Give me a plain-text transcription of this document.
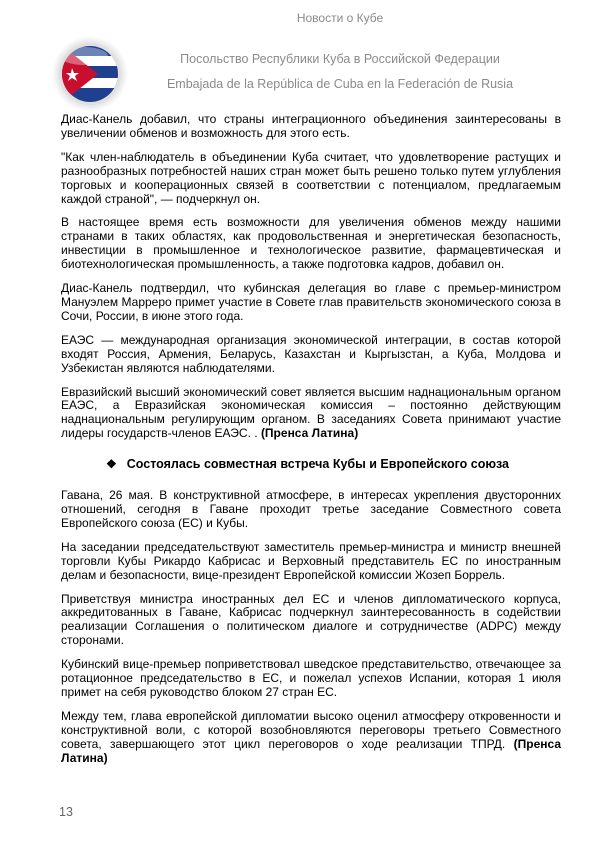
Новости о Кубе
Посольство Республики Куба в Российской Федерации
Embajada de la República de Cuba en la Federación de Rusia

Диас-Канель добавил, что страны интеграционного объединения заинтересованы в увеличении обменов и возможность для этого есть.

"Как член-наблюдатель в объединении Куба считает, что удовлетворение растущих и разнообразных потребностей наших стран может быть решено только путем углубления торговых и кооперационных связей в соответствии с потенциалом, предлагаемым каждой страной", — подчеркнул он.

В настоящее время есть возможности для увеличения обменов между нашими странами в таких областях, как продовольственная и энергетическая безопасность, инвестиции в промышленное и технологическое развитие, фармацевтическая и биотехнологическая промышленность, а также подготовка кадров, добавил он.

Диас-Канель подтвердил, что кубинская делегация во главе с премьер-министром Мануэлем Марреро примет участие в Совете глав правительств экономического союза в Сочи, России, в июне этого года.

ЕАЭС — международная организация экономической интеграции, в состав которой входят Россия, Армения, Беларусь, Казахстан и Кыргызстан, а Куба, Молдова и Узбекистан являются наблюдателями.

Евразийский высший экономический совет является высшим наднациональным органом ЕАЭС, а Евразийская экономическая комиссия – постоянно действующим наднациональным регулирующим органом. В заседаниях Совета принимают участие лидеры государств-членов ЕАЭС. . (Пренса Латина)

❖ Состоялась совместная встреча Кубы и Европейского союза

Гавана, 26 мая. В конструктивной атмосфере, в интересах укрепления двусторонних отношений, сегодня в Гаване проходит третье заседание Совместного совета Европейского союза (ЕС) и Кубы.

На заседании председательствуют заместитель премьер-министра и министр внешней торговли Кубы Рикардо Кабрисас и Верховный представитель ЕС по иностранным делам и безопасности, вице-президент Европейской комиссии Жозеп Боррель.

Приветствуя министра иностранных дел ЕС и членов дипломатического корпуса, аккредитованных в Гаване, Кабрисас подчеркнул заинтересованность в содействии реализации Соглашения о политическом диалоге и сотрудничестве (ADPC) между сторонами.

Кубинский вице-премьер поприветствовал шведское представительство, отвечающее за ротационное председательство в ЕС, и пожелал успехов Испании, которая 1 июля примет на себя руководство блоком 27 стран ЕС.

Между тем, глава европейской дипломатии высоко оценил атмосферу откровенности и конструктивной воли, с которой возобновляются переговоры третьего Совместного совета, завершающего этот цикл переговоров о ходе реализации ТПРД. (Пренса Латина)

13
